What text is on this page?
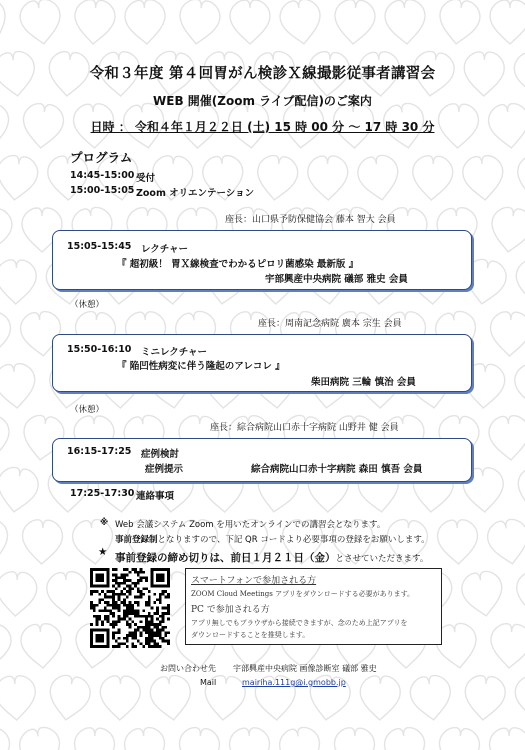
令和３年度 第４回胃がん検診Ｘ線撮影従事者講習会
WEB 開催(Zoom ライブ配信)のご案内
日時 ： 令和４年１月２２日 (土) 15 時 00 分 ～ 17 時 30 分
プログラム
14:45-15:00 受付
15:00-15:05 Zoom オリエンテーション
座長：山口県予防保健協会 藤本 智大 会員
15:05-15:45 レクチャー
『 超初級！ 胃Ｘ線検査でわかるピロリ菌感染 最新版 』
宇部興産中央病院 礒部 雅史 会員
（休憩）
座長：周南記念病院 廣本 宗生 会員
15:50-16:10 ミニレクチャー
『 陥凹性病変に伴う隆起のアレコレ 』
柴田病院 三輪 慎治 会員
（休憩）
座長：綜合病院山口赤十字病院 山野井 健 会員
16:15-17:25 症例検討
症例提示	綜合病院山口赤十字病院 森田 慎吾 会員
17:25-17:30 連絡事項
※ Web 会議システム Zoom を用いたオンラインでの講習会となります。
事前登録制となりますので、下記 QR コードより必要事項の登録をお願いします。
★ 事前登録の締め切りは、前日１月２１日（金）とさせていただきます。
スマートフォンで参加される方
ZOOM Cloud Meetings アプリをダウンロードする必要があります。
PC で参加される方
アプリ無しでもブラウザから接続できますが、念のため上記アプリを
ダウンロードすることを推奨します。
お問い合わせ先 宇部興産中央病院 画像診断室 礒部 雅史
Mail	mairiha.111g@i.gmobb.jp
